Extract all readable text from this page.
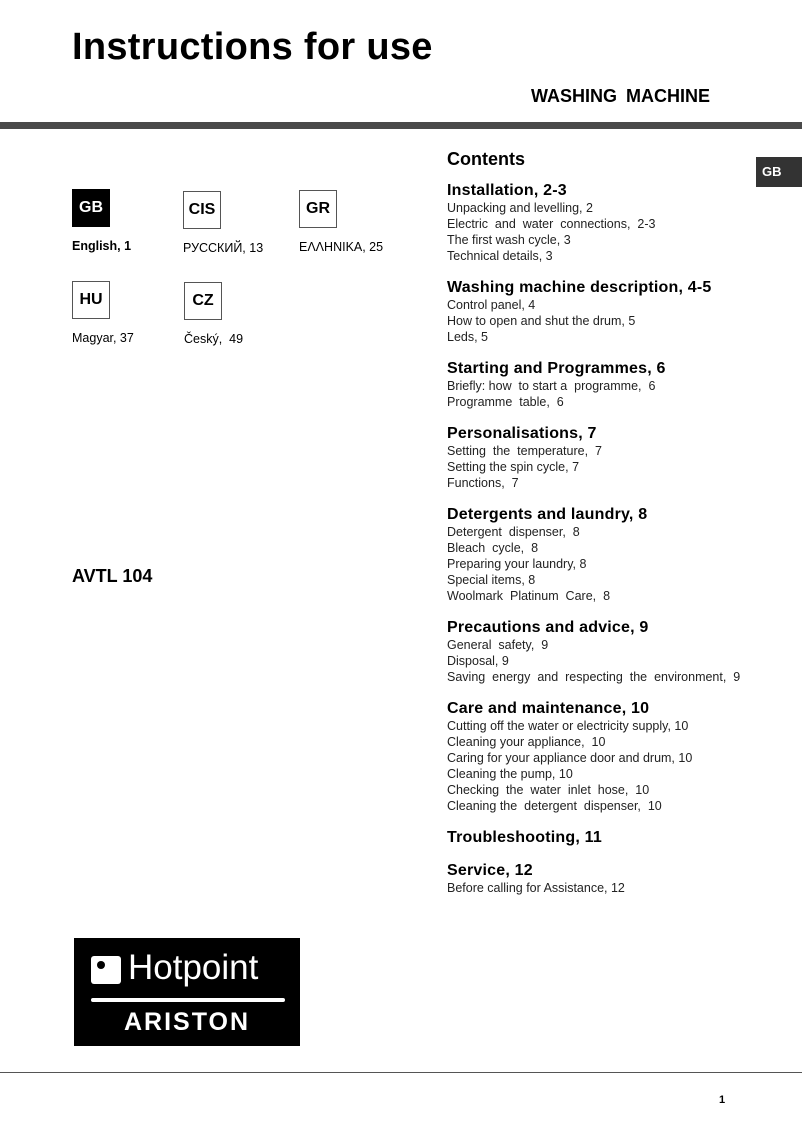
Instructions for use
WASHING MACHINE
GB
GB
English, 1
CIS
РУССКИЙ, 13
GR
ΕΛΛΗΝΙΚΑ, 25
HU
Magyar, 37
CZ
Český,  49
AVTL 104
Contents
Installation, 2-3
Unpacking and levelling, 2
Electric  and  water  connections,  2-3
The first wash cycle, 3
Technical details, 3
Washing machine description, 4-5
Control panel, 4
How to open and shut the drum, 5
Leds, 5
Starting and Programmes, 6
Briefly: how  to start a  programme,  6
Programme  table,  6
Personalisations, 7
Setting  the  temperature,  7
Setting the spin cycle, 7
Functions,  7
Detergents and laundry, 8
Detergent  dispenser,  8
Bleach  cycle,  8
Preparing your laundry, 8
Special items, 8
Woolmark  Platinum  Care,  8
Precautions and advice, 9
General  safety,  9
Disposal, 9
Saving  energy  and  respecting  the  environment,  9
Care and maintenance, 10
Cutting off the water or electricity supply, 10
Cleaning your appliance,  10
Caring for your appliance door and drum, 10
Cleaning the pump, 10
Checking  the  water  inlet  hose,  10
Cleaning the  detergent  dispenser,  10
Troubleshooting, 11
Service, 12
Before calling for Assistance, 12
Hotpoint
ARISTON
1
